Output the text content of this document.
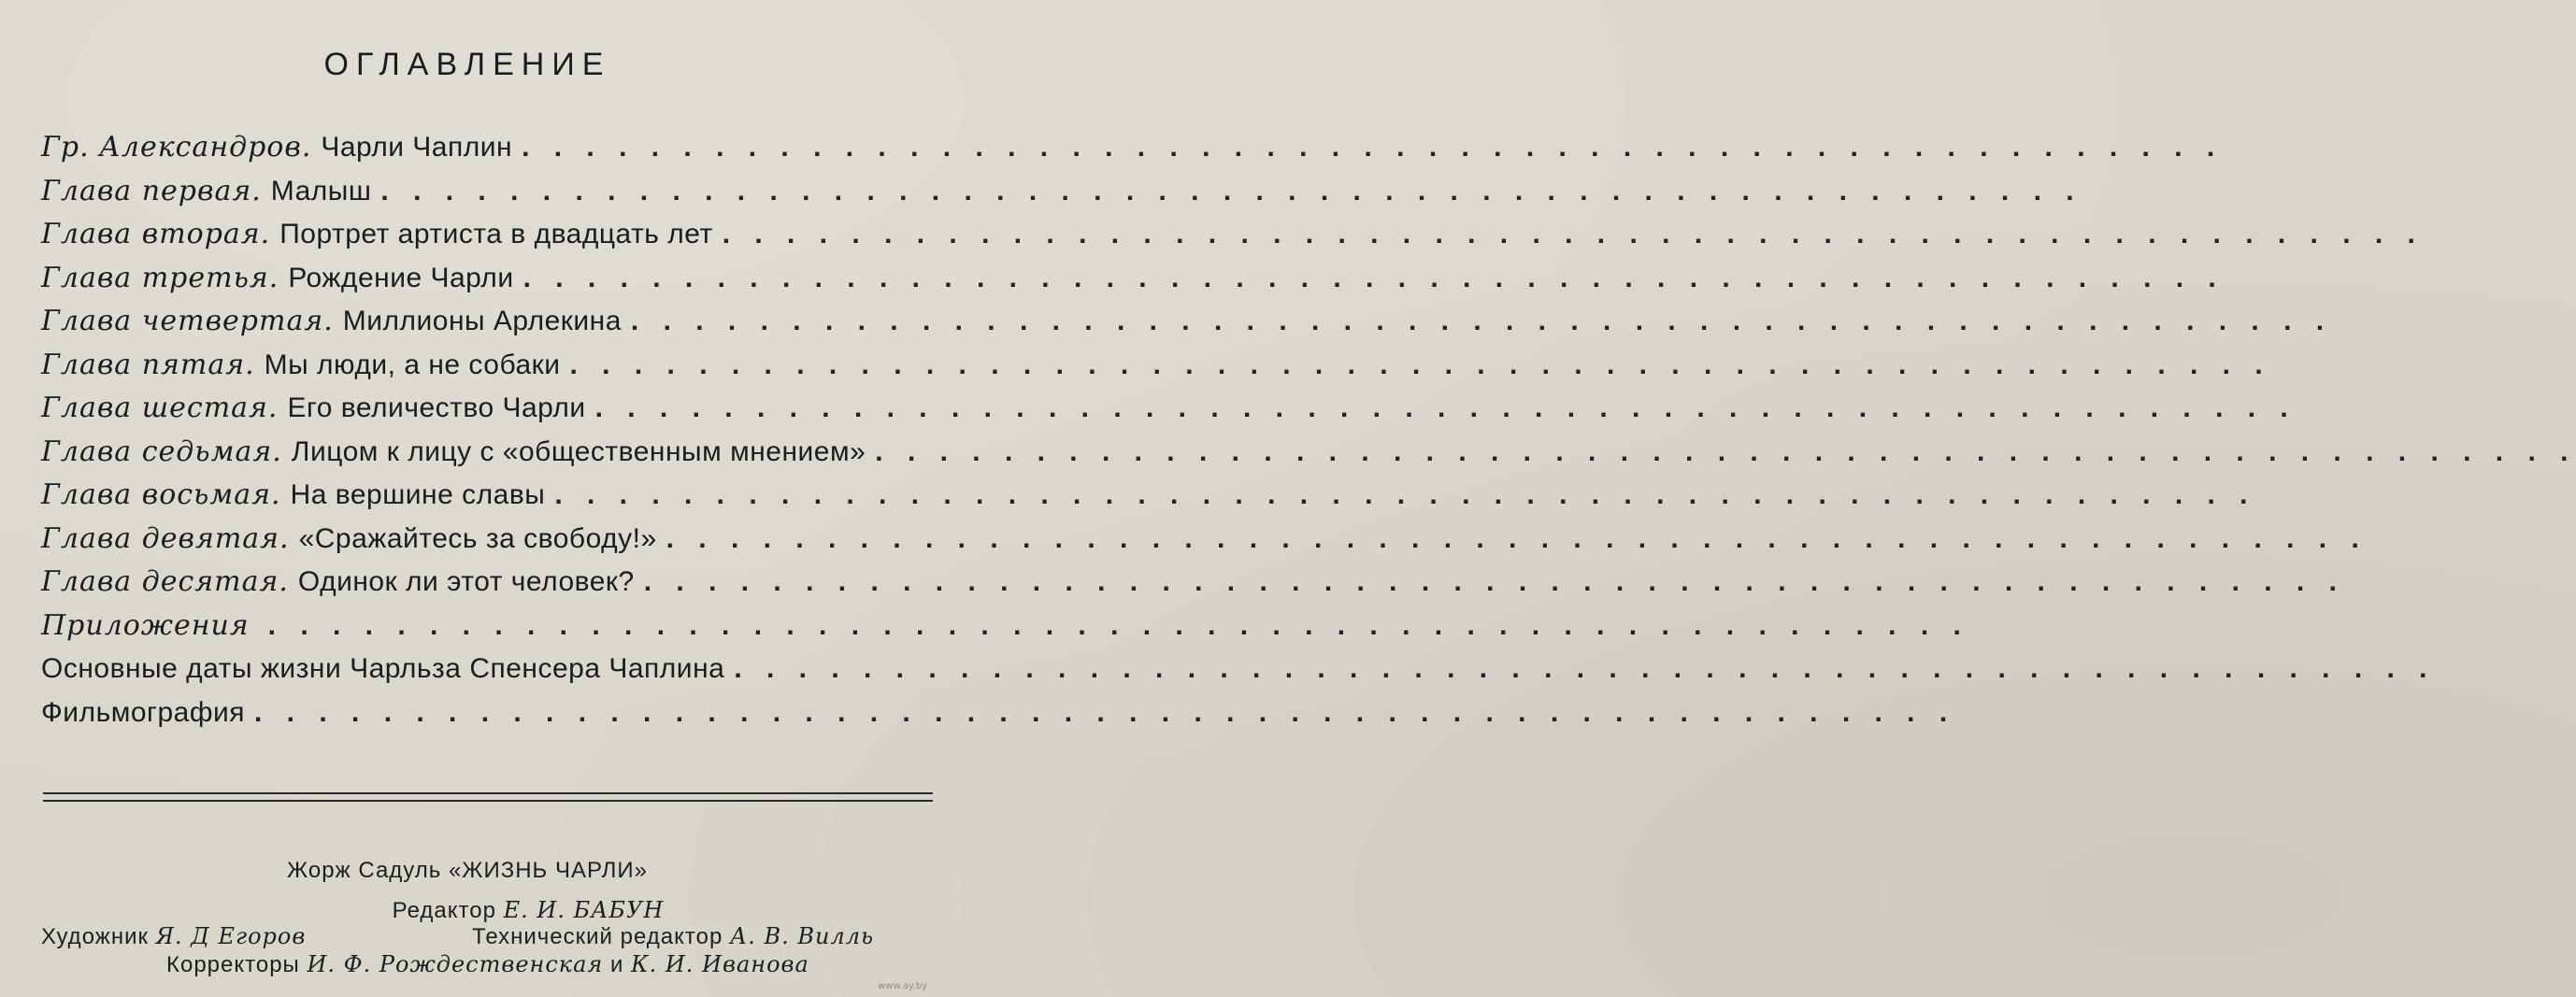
ОГЛАВЛЕНИЕ
Гр. Александров. Чарли Чаплин . . . . . . . . . . . . . . . . . . . . . . . . . . . . . . . . . . . . . . . . . . . . . . . . . . . . .
Глава первая. Малыш . . . . . . . . . . . . . . . . . . . . . . . . . . . . . . . . . . . . . . . . . . . . . . . . . . . . .
Глава вторая. Портрет артиста в двадцать лет . . . . . . . . . . . . . . . . . . . . . . . . . . . . . . . . . . . . . . . . . . . . . . . . . . . . .
Глава третья. Рождение Чарли . . . . . . . . . . . . . . . . . . . . . . . . . . . . . . . . . . . . . . . . . . . . . . . . . . . . .
Глава четвертая. Миллионы Арлекина . . . . . . . . . . . . . . . . . . . . . . . . . . . . . . . . . . . . . . . . . . . . . . . . . . . . .
Глава пятая. Мы люди, а не собаки . . . . . . . . . . . . . . . . . . . . . . . . . . . . . . . . . . . . . . . . . . . . . . . . . . . . .
Глава шестая. Его величество Чарли . . . . . . . . . . . . . . . . . . . . . . . . . . . . . . . . . . . . . . . . . . . . . . . . . . . . .
Глава седьмая. Лицом к лицу с «общественным мнением» . . . . . . . . . . . . . . . . . . . . . . . . . . . . . . . . . . . . . . . . . . . . . . . . . . . . .
Глава восьмая. На вершине славы . . . . . . . . . . . . . . . . . . . . . . . . . . . . . . . . . . . . . . . . . . . . . . . . . . . . .
Глава девятая. «Сражайтесь за свободу!» . . . . . . . . . . . . . . . . . . . . . . . . . . . . . . . . . . . . . . . . . . . . . . . . . . . . .
Глава десятая. Одинок ли этот человек? . . . . . . . . . . . . . . . . . . . . . . . . . . . . . . . . . . . . . . . . . . . . . . . . . . . . .
Приложения . . . . . . . . . . . . . . . . . . . . . . . . . . . . . . . . . . . . . . . . . . . . . . . . . . . . .
Основные даты жизни Чарльза Спенсера Чаплина . . . . . . . . . . . . . . . . . . . . . . . . . . . . . . . . . . . . . . . . . . . . . . . . . . . . .
Фильмография . . . . . . . . . . . . . . . . . . . . . . . . . . . . . . . . . . . . . . . . . . . . . . . . . . . . .
Жорж Садуль «ЖИЗНЬ ЧАРЛИ»
Редактор Е. И. БАБУН
Художник Я. Д Егоров	Технический редактор А. В. Вилль
Корректоры И. Ф. Рождественская и К. И. Иванова
www.ay.by
